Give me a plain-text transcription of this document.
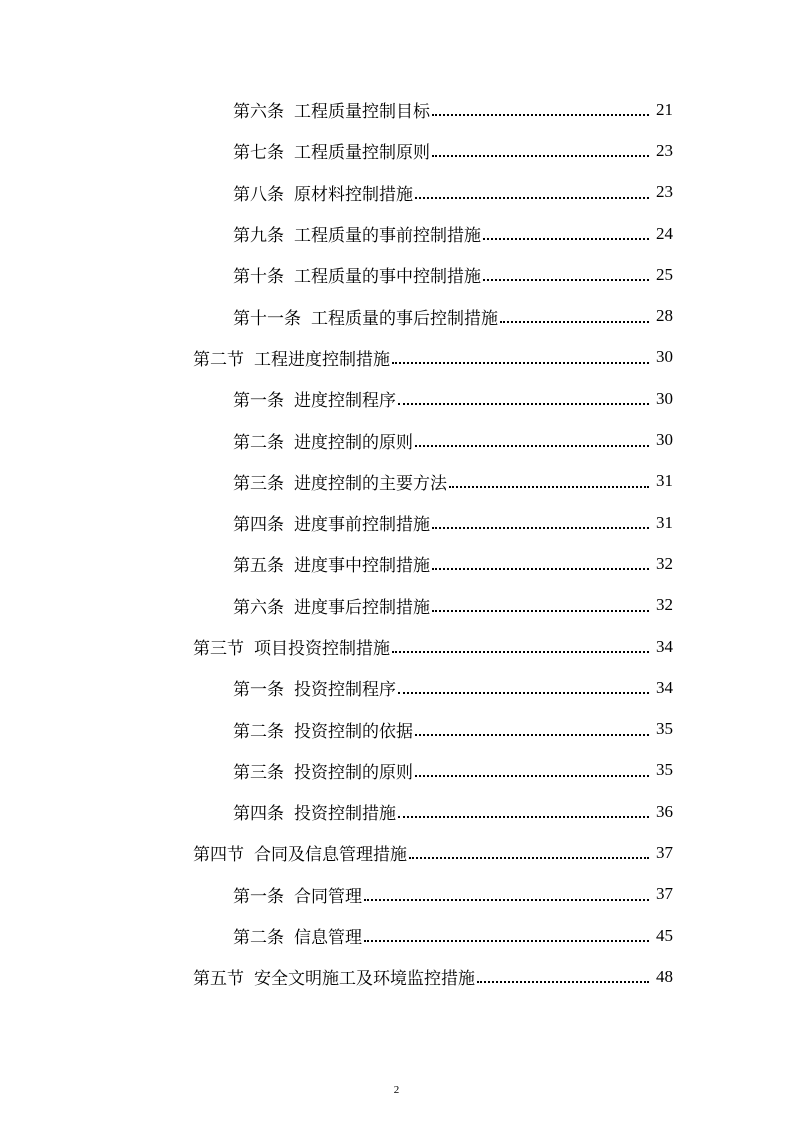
第六条 工程质量控制目标	21
第七条 工程质量控制原则	23
第八条 原材料控制措施	23
第九条 工程质量的事前控制措施	24
第十条 工程质量的事中控制措施	25
第十一条 工程质量的事后控制措施	28
第二节 工程进度控制措施	30
第一条 进度控制程序	30
第二条 进度控制的原则	30
第三条 进度控制的主要方法	31
第四条 进度事前控制措施	31
第五条 进度事中控制措施	32
第六条 进度事后控制措施	32
第三节 项目投资控制措施	34
第一条 投资控制程序	34
第二条 投资控制的依据	35
第三条 投资控制的原则	35
第四条 投资控制措施	36
第四节 合同及信息管理措施	37
第一条 合同管理	37
第二条 信息管理	45
第五节 安全文明施工及环境监控措施	48
2
